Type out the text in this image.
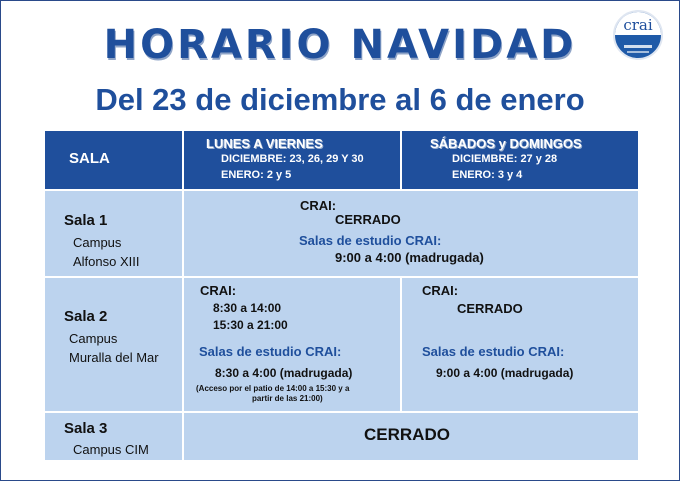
HORARIO NAVIDAD
Del 23 de diciembre al 6 de enero
crai
SALA
LUNES A VIERNES
DICIEMBRE: 23, 26, 29 Y 30
ENERO: 2 y 5
SÁBADOS y DOMINGOS
DICIEMBRE: 27 y 28
ENERO: 3 y 4
Sala 1
Campus
Alfonso XIII
CRAI:
CERRADO
Salas de estudio CRAI:
9:00 a 4:00 (madrugada)
Sala 2
Campus
Muralla del Mar
CRAI:
8:30 a 14:00
15:30 a 21:00
Salas de estudio CRAI:
8:30 a 4:00 (madrugada)
(Acceso por el patio de 14:00 a 15:30 y a
partir de las 21:00)
CRAI:
CERRADO
Salas de estudio CRAI:
9:00 a 4:00 (madrugada)
Sala 3
Campus CIM
CERRADO
